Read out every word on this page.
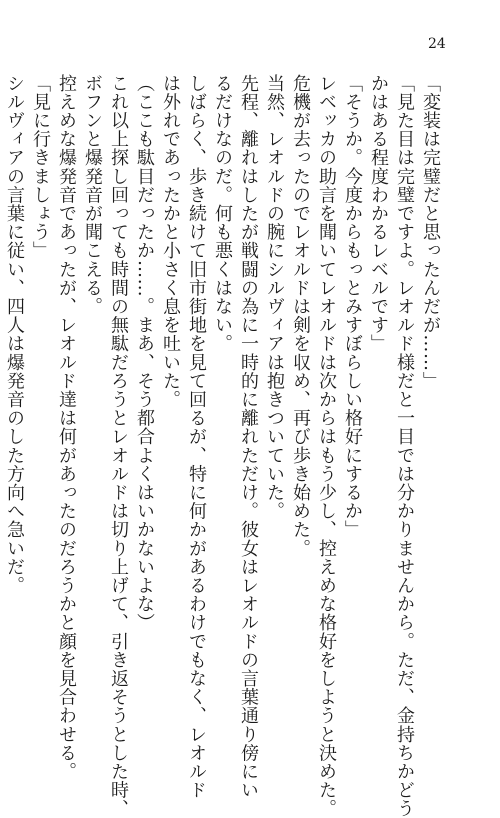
24
「変装は完璧だと思ったんだが……」
「見た目は完璧ですよ。レオルド様だと一目では分かりませんから。ただ、金持ちかどう
かはある程度わかるレベルです」
「そうか。今度からもっとみすぼらしい格好にするか」
レベッカの助言を聞いてレオルドは次からはもう少し、控えめな格好をしようと決めた。
危機が去ったのでレオルドは剣を収め、再び歩き始めた。
当然、レオルドの腕にシルヴィアは抱きついていた。
先程、離れはしたが戦闘の為に一時的に離れただけ。彼女はレオルドの言葉通り傍にい
るだけなのだ。何も悪くはない。
しばらく、歩き続けて旧市街地を見て回るが、特に何かがあるわけでもなく、レオルド
は外れであったかと小さく息を吐いた。
（ここも駄目だったか……。まあ、そう都合よくはいかないよな）
これ以上探し回っても時間の無駄だろうとレオルドは切り上げて、引き返そうとした時、
ボフンと爆発音が聞こえる。
控えめな爆発音であったが、レオルド達は何があったのだろうかと顔を見合わせる。
「見に行きましょう」
シルヴィアの言葉に従い、四人は爆発音のした方向へ急いだ。
